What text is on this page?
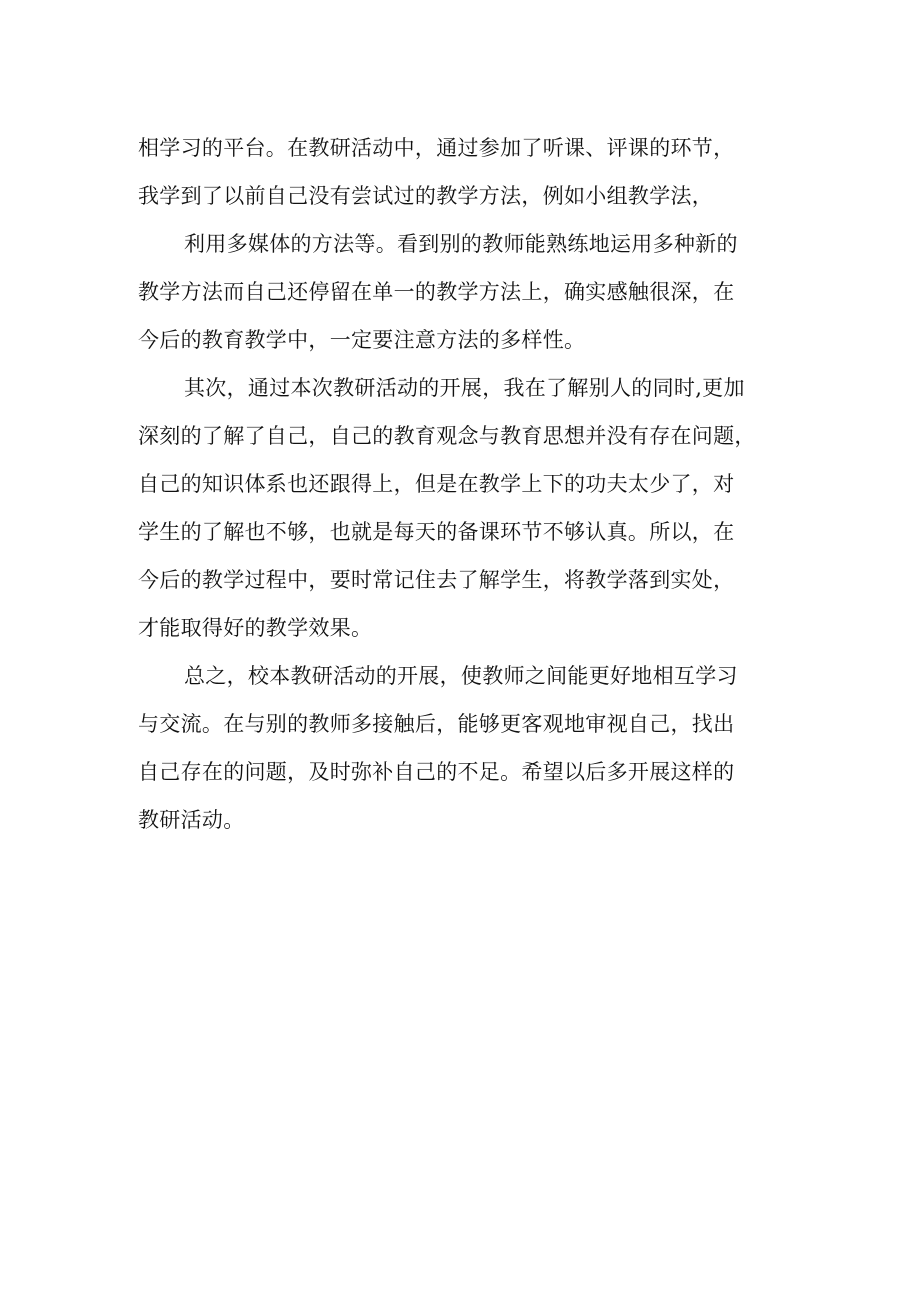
相学习的平台。在教研活动中，通过参加了听课、评课的环节，
我学到了以前自己没有尝试过的教学方法，例如小组教学法，
利用多媒体的方法等。看到别的教师能熟练地运用多种新的
教学方法而自己还停留在单一的教学方法上，确实感触很深，在
今后的教育教学中，一定要注意方法的多样性。
其次，通过本次教研活动的开展，我在了解别人的同时,更加
深刻的了解了自己，自己的教育观念与教育思想并没有存在问题，
自己的知识体系也还跟得上，但是在教学上下的功夫太少了，对
学生的了解也不够，也就是每天的备课环节不够认真。所以，在
今后的教学过程中，要时常记住去了解学生，将教学落到实处，
才能取得好的教学效果。
总之，校本教研活动的开展，使教师之间能更好地相互学习
与交流。在与别的教师多接触后，能够更客观地审视自己，找出
自己存在的问题，及时弥补自己的不足。希望以后多开展这样的
教研活动。
